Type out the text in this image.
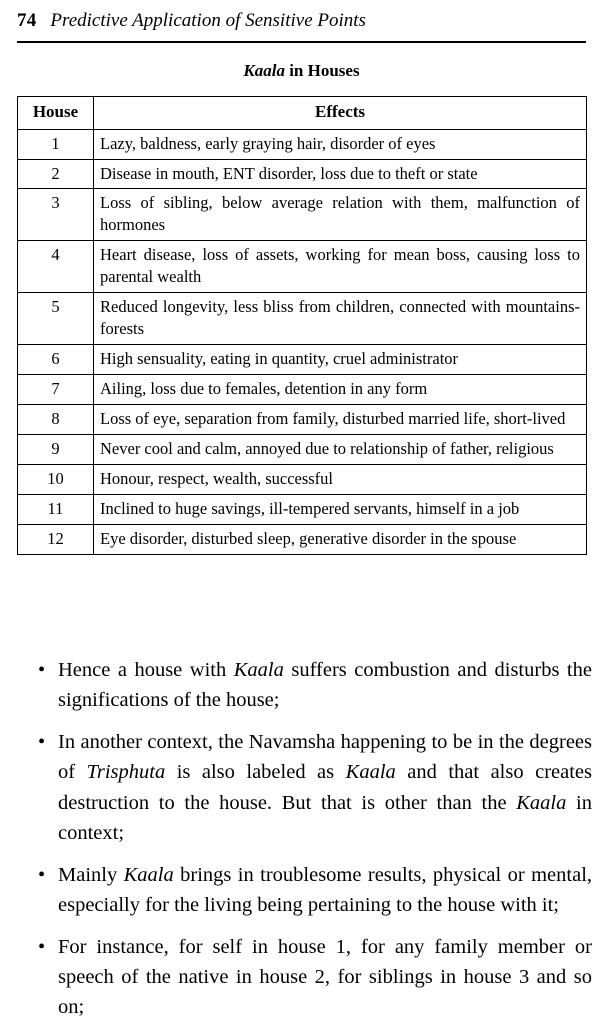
74 Predictive Application of Sensitive Points
Kaala in Houses
House	Effects
1	Lazy, baldness, early graying hair, disorder of eyes
2	Disease in mouth, ENT disorder, loss due to theft or state
3	Loss of sibling, below average relation with them, malfunction of hormones
4	Heart disease, loss of assets, working for mean boss, causing loss to parental wealth
5	Reduced longevity, less bliss from children, connected with mountains-forests
6	High sensuality, eating in quantity, cruel administrator
7	Ailing, loss due to females, detention in any form
8	Loss of eye, separation from family, disturbed married life, short-lived
9	Never cool and calm, annoyed due to relationship of father, religious
10	Honour, respect, wealth, successful
11	Inclined to huge savings, ill-tempered servants, himself in a job
12	Eye disorder, disturbed sleep, generative disorder in the spouse
• Hence a house with Kaala suffers combustion and disturbs the significations of the house;
• In another context, the Navamsha happening to be in the degrees of Trisphuta is also labeled as Kaala and that also creates destruction to the house. But that is other than the Kaala in context;
• Mainly Kaala brings in troublesome results, physical or mental, especially for the living being pertaining to the house with it;
• For instance, for self in house 1, for any family member or speech of the native in house 2, for siblings in house 3 and so on;
